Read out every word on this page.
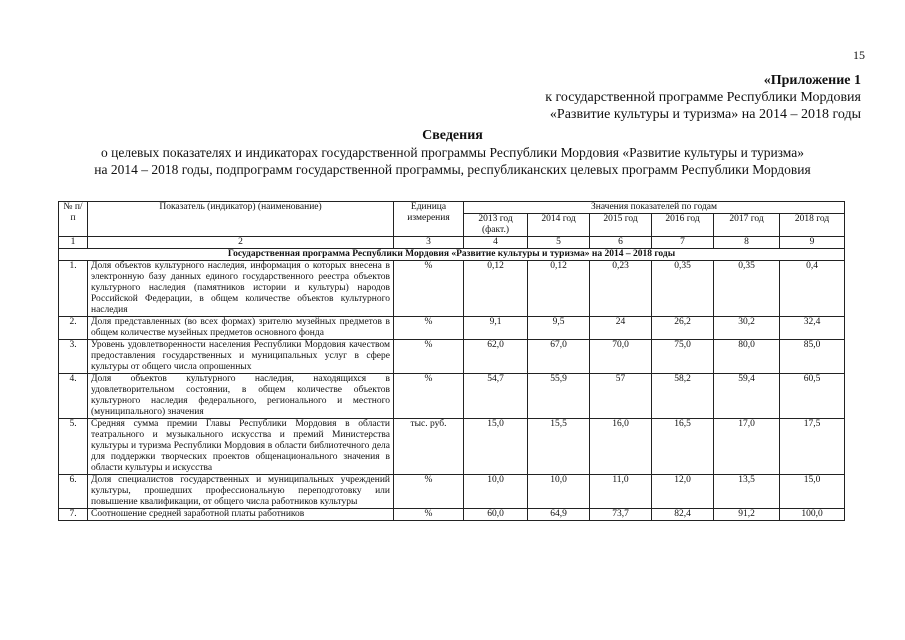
15
«Приложение 1
к государственной программе Республики Мордовия
«Развитие культуры и туризма» на 2014 – 2018 годы
Сведения
о целевых показателях и индикаторах государственной программы Республики Мордовия «Развитие культуры и туризма»
на 2014 – 2018 годы, подпрограмм государственной программы, республиканских целевых программ Республики Мордовия
№ п/п	Показатель (индикатор) (наименование)	Единица измерения	Значения показателей по годам					
			2013 год (факт.)	2014 год	2015 год	2016 год	2017 год	2018 год
1	2	3	4	5	6	7	8	9
Государственная программа Республики Мордовия «Развитие культуры и туризма» на 2014 – 2018 годы								
1.	Доля объектов культурного наследия, информация о которых внесена в электронную базу данных единого государственного реестра объектов культурного наследия (памятников истории и культуры) народов Российской Федерации, в общем количестве объектов культурного наследия	%	0,12	0,12	0,23	0,35	0,35	0,4
2.	Доля представленных (во всех формах) зрителю музейных предметов в общем количестве музейных предметов основного фонда	%	9,1	9,5	24	26,2	30,2	32,4
3.	Уровень удовлетворенности населения Республики Мордовия качеством предоставления государственных и муниципальных услуг в сфере культуры от общего числа опрошенных	%	62,0	67,0	70,0	75,0	80,0	85,0
4.	Доля объектов культурного наследия, находящихся в удовлетворительном состоянии, в общем количестве объектов культурного наследия федерального, регионального и местного (муниципального) значения	%	54,7	55,9	57	58,2	59,4	60,5
5.	Средняя сумма премии Главы Республики Мордовия в области театрального и музыкального искусства и премий Министерства культуры и туризма Республики Мордовия в области библиотечного дела для поддержки творческих проектов общенационального значения в области культуры и искусства	тыс. руб.	15,0	15,5	16,0	16,5	17,0	17,5
6.	Доля специалистов государственных и муниципальных учреждений культуры, прошедших профессиональную переподготовку или повышение квалификации, от общего числа работников культуры	%	10,0	10,0	11,0	12,0	13,5	15,0
7.	Соотношение средней заработной платы работников	%	60,0	64,9	73,7	82,4	91,2	100,0
